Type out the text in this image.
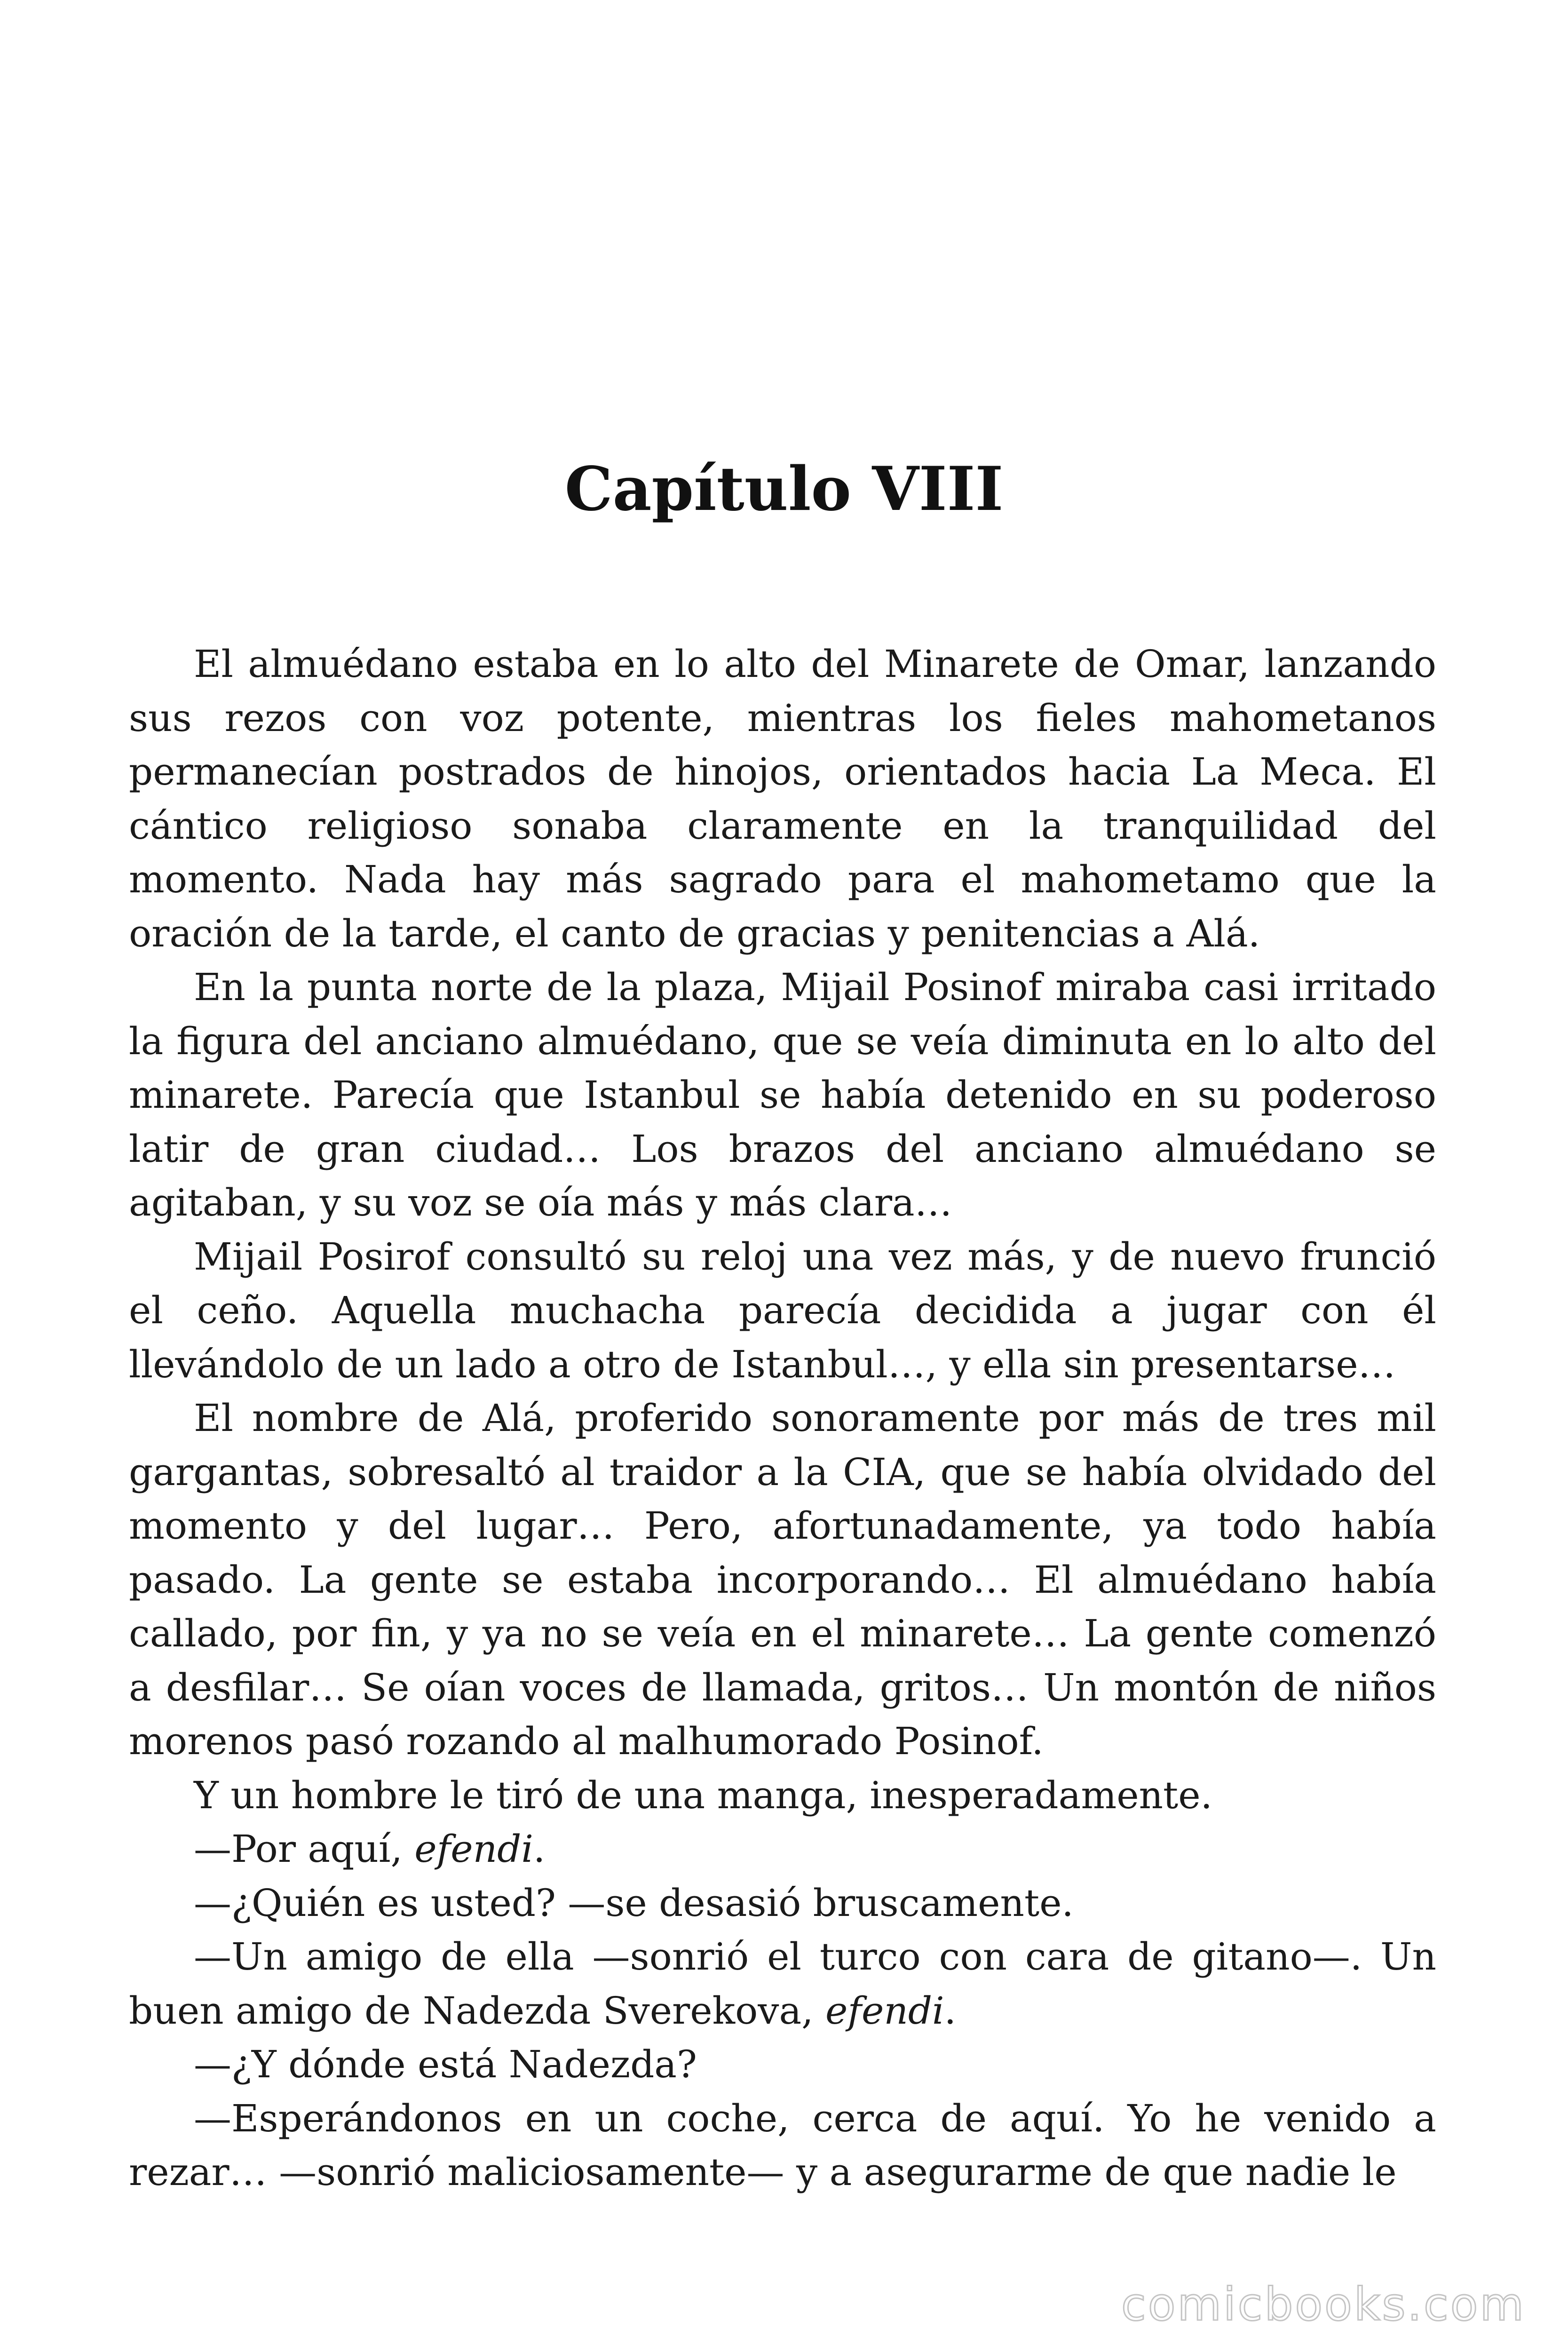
Capítulo VIII

El almuédano estaba en lo alto del Minarete de Omar, lanzando sus rezos con voz potente, mientras los fieles mahometanos permanecían postrados de hinojos, orientados hacia La Meca. El cántico religioso sonaba claramente en la tranquilidad del momento. Nada hay más sagrado para el mahometamo que la oración de la tarde, el canto de gracias y penitencias a Alá.

En la punta norte de la plaza, Mijail Posinof miraba casi irritado la figura del anciano almuédano, que se veía diminuta en lo alto del minarete. Parecía que Istanbul se había detenido en su poderoso latir de gran ciudad… Los brazos del anciano almuédano se agitaban, y su voz se oía más y más clara…

Mijail Posirof consultó su reloj una vez más, y de nuevo frunció el ceño. Aquella muchacha parecía decidida a jugar con él llevándolo de un lado a otro de Istanbul…, y ella sin presentarse…

El nombre de Alá, proferido sonoramente por más de tres mil gargantas, sobresaltó al traidor a la CIA, que se había olvidado del momento y del lugar… Pero, afortunadamente, ya todo había pasado. La gente se estaba incorporando… El almuédano había callado, por fin, y ya no se veía en el minarete… La gente comenzó a desfilar… Se oían voces de llamada, gritos… Un montón de niños morenos pasó rozando al malhumorado Posinof.

Y un hombre le tiró de una manga, inesperadamente.

—Por aquí, efendi.

—¿Quién es usted? —se desasió bruscamente.

—Un amigo de ella —sonrió el turco con cara de gitano—. Un buen amigo de Nadezda Sverekova, efendi.

—¿Y dónde está Nadezda?

—Esperándonos en un coche, cerca de aquí. Yo he venido a rezar… —sonrió maliciosamente— y a asegurarme de que nadie le

comicbooks.com
